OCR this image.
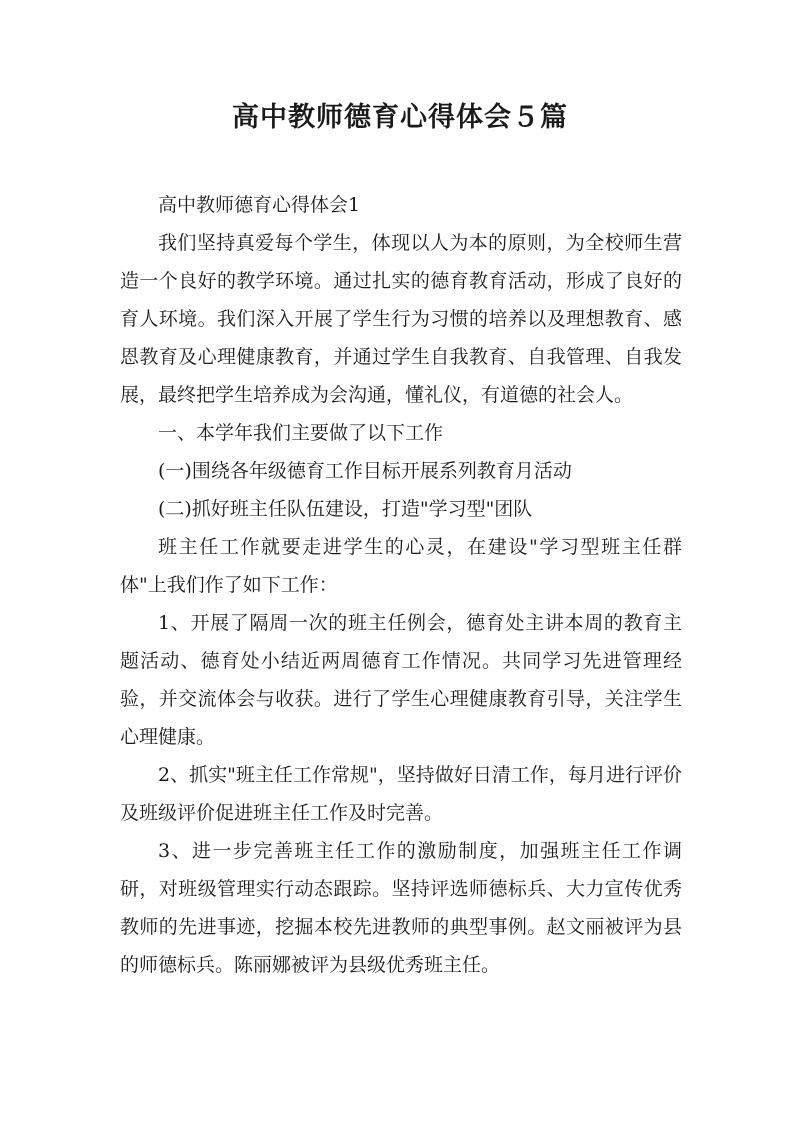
高中教师德育心得体会５篇

高中教师德育心得体会1

我们坚持真爱每个学生，体现以人为本的原则，为全校师生营造一个良好的教学环境。通过扎实的德育教育活动，形成了良好的育人环境。我们深入开展了学生行为习惯的培养以及理想教育、感恩教育及心理健康教育，并通过学生自我教育、自我管理、自我发展，最终把学生培养成为会沟通，懂礼仪，有道德的社会人。

一、本学年我们主要做了以下工作

(一)围绕各年级德育工作目标开展系列教育月活动

(二)抓好班主任队伍建设，打造"学习型"团队

班主任工作就要走进学生的心灵，在建设"学习型班主任群体"上我们作了如下工作：

1、开展了隔周一次的班主任例会，德育处主讲本周的教育主题活动、德育处小结近两周德育工作情况。共同学习先进管理经验，并交流体会与收获。进行了学生心理健康教育引导，关注学生心理健康。

2、抓实"班主任工作常规"，坚持做好日清工作，每月进行评价及班级评价促进班主任工作及时完善。

3、进一步完善班主任工作的激励制度，加强班主任工作调研，对班级管理实行动态跟踪。坚持评选师德标兵、大力宣传优秀教师的先进事迹，挖掘本校先进教师的典型事例。赵文丽被评为县的师德标兵。陈丽娜被评为县级优秀班主任。
